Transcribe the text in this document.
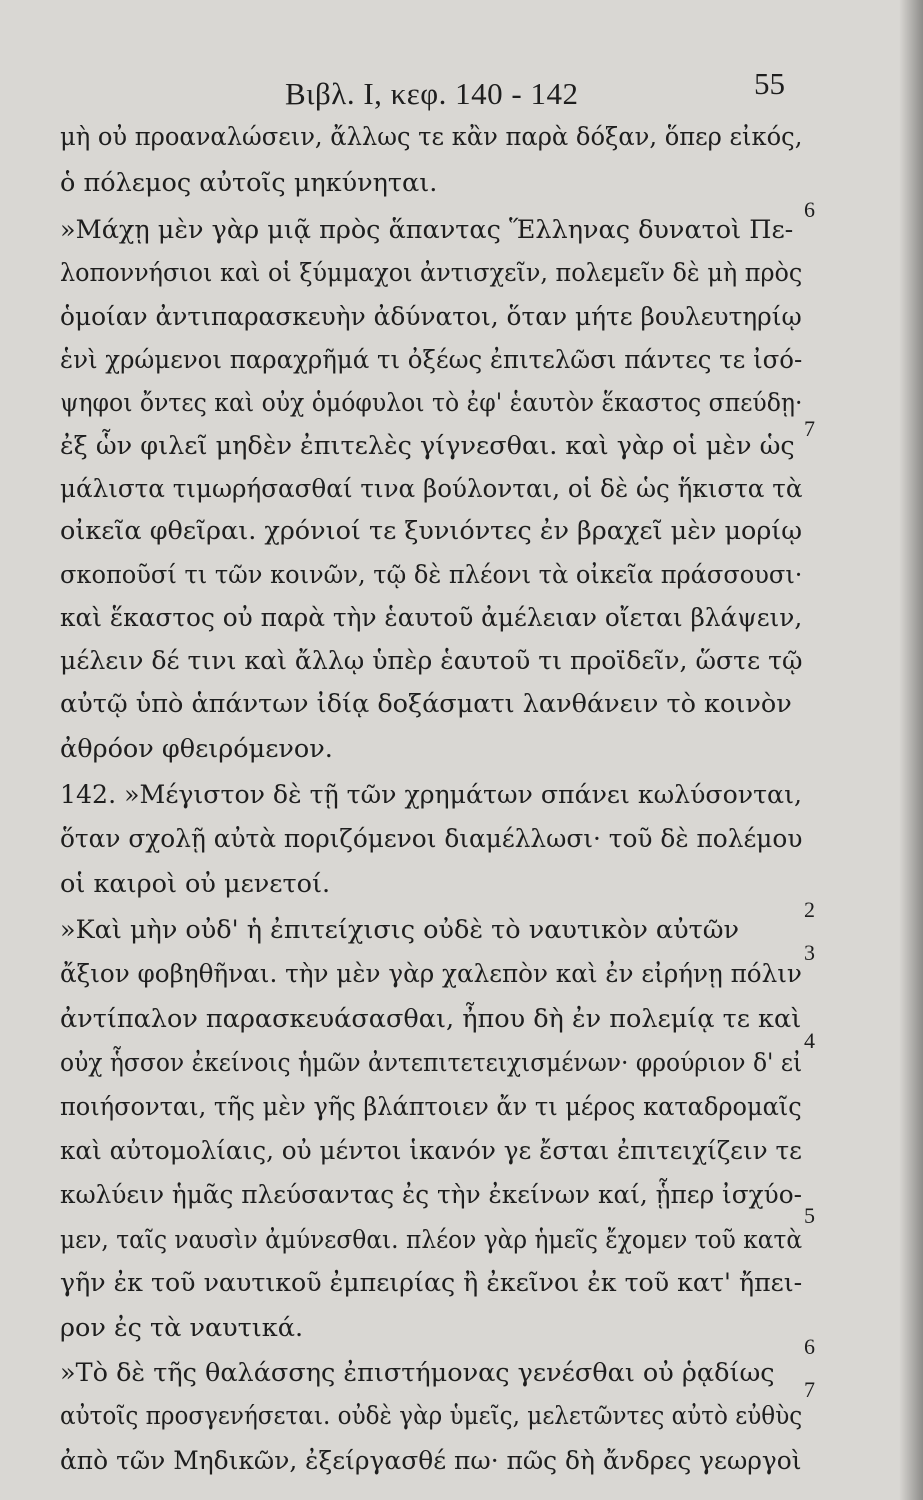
Βιβλ. I, κεφ. 140 - 142	55
μὴ οὐ προαναλώσειν, ἄλλως τε κἂν παρὰ δόξαν, ὅπερ εἰκός,
ὁ πόλεμος αὐτοῖς μηκύνηται.
»Μάχῃ μὲν γὰρ μιᾷ πρὸς ἅπαντας Ἕλληνας δυνατοὶ Πε-
λοποννήσιοι καὶ οἱ ξύμμαχοι ἀντισχεῖν, πολεμεῖν δὲ μὴ πρὸς
ὁμοίαν ἀντιπαρασκευὴν ἀδύνατοι, ὅταν μήτε βουλευτηρίῳ
ἑνὶ χρώμενοι παραχρῆμά τι ὀξέως ἐπιτελῶσι πάντες τε ἰσό-
ψηφοι ὄντες καὶ οὐχ ὁμόφυλοι τὸ ἐφ' ἑαυτὸν ἕκαστος σπεύδῃ·
ἐξ ὧν φιλεῖ μηδὲν ἐπιτελὲς γίγνεσθαι. καὶ γὰρ οἱ μὲν ὡς
μάλιστα τιμωρήσασθαί τινα βούλονται, οἱ δὲ ὡς ἥκιστα τὰ
οἰκεῖα φθεῖραι. χρόνιοί τε ξυνιόντες ἐν βραχεῖ μὲν μορίῳ
σκοποῦσί τι τῶν κοινῶν, τῷ δὲ πλέονι τὰ οἰκεῖα πράσσουσι·
καὶ ἕκαστος οὐ παρὰ τὴν ἑαυτοῦ ἀμέλειαν οἴεται βλάψειν,
μέλειν δέ τινι καὶ ἄλλῳ ὑπὲρ ἑαυτοῦ τι προϊδεῖν, ὥστε τῷ
αὐτῷ ὑπὸ ἁπάντων ἰδίᾳ δοξάσματι λανθάνειν τὸ κοινὸν
ἀθρόον φθειρόμενον.
142. »Μέγιστον δὲ τῇ τῶν χρημάτων σπάνει κωλύσονται,
ὅταν σχολῇ αὐτὰ ποριζόμενοι διαμέλλωσι· τοῦ δὲ πολέμου
οἱ καιροὶ οὐ μενετοί.
»Καὶ μὴν οὐδ' ἡ ἐπιτείχισις οὐδὲ τὸ ναυτικὸν αὐτῶν
ἄξιον φοβηθῆναι. τὴν μὲν γὰρ χαλεπὸν καὶ ἐν εἰρήνῃ πόλιν
ἀντίπαλον παρασκευάσασθαι, ἦπου δὴ ἐν πολεμίᾳ τε καὶ
οὐχ ἧσσον ἐκείνοις ἡμῶν ἀντεπιτετειχισμένων· φρούριον δ' εἰ
ποιήσονται, τῆς μὲν γῆς βλάπτοιεν ἄν τι μέρος καταδρομαῖς
καὶ αὐτομολίαις, οὐ μέντοι ἱκανόν γε ἔσται ἐπιτειχίζειν τε
κωλύειν ἡμᾶς πλεύσαντας ἐς τὴν ἐκείνων καί, ᾗπερ ἰσχύο-
μεν, ταῖς ναυσὶν ἀμύνεσθαι. πλέον γὰρ ἡμεῖς ἔχομεν τοῦ κατὰ
γῆν ἐκ τοῦ ναυτικοῦ ἐμπειρίας ἢ ἐκεῖνοι ἐκ τοῦ κατ' ἤπει-
ρον ἐς τὰ ναυτικά.
»Τὸ δὲ τῆς θαλάσσης ἐπιστήμονας γενέσθαι οὐ ῥᾳδίως
αὐτοῖς προσγενήσεται. οὐδὲ γὰρ ὑμεῖς, μελετῶντες αὐτὸ εὐθὺς
ἀπὸ τῶν Μηδικῶν, ἐξείργασθέ πω· πῶς δὴ ἄνδρες γεωργοὶ
6
7
2
3
4
5
6
7
